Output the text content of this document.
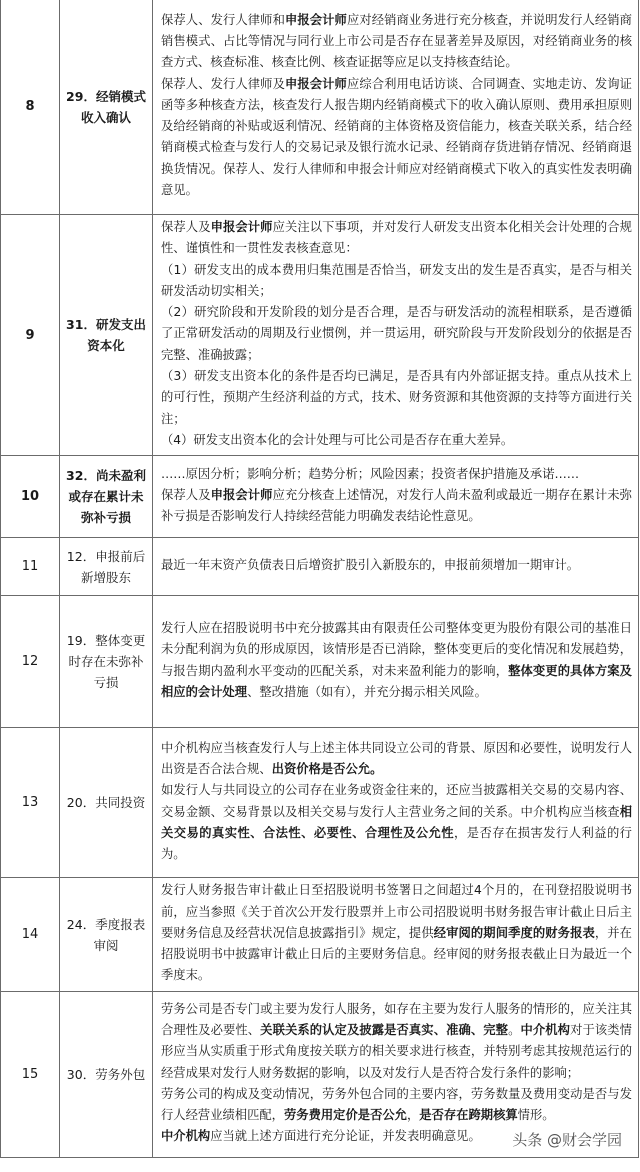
8	29．经销模式收入确认	保荐人、发行人律师和申报会计师应对经销商业务进行充分核查，并说明发行人经销商销售模式、占比等情况与同行业上市公司是否存在显著差异及原因，对经销商业务的核查方式、核查标准、核查比例、核查证据等应足以支持核查结论。
保荐人、发行人律师及申报会计师应综合利用电话访谈、合同调查、实地走访、发询证函等多种核查方法，核查发行人报告期内经销商模式下的收入确认原则、费用承担原则及给经销商的补贴或返利情况、经销商的主体资格及资信能力，核查关联关系，结合经销商模式检查与发行人的交易记录及银行流水记录、经销商存货进销存情况、经销商退换货情况。保荐人、发行人律师和申报会计师应对经销商模式下收入的真实性发表明确意见。

9	31．研发支出资本化	保荐人及申报会计师应关注以下事项，并对发行人研发支出资本化相关会计处理的合规性、谨慎性和一贯性发表核查意见：
（1）研发支出的成本费用归集范围是否恰当，研发支出的发生是否真实，是否与相关研发活动切实相关；
（2）研究阶段和开发阶段的划分是否合理，是否与研发活动的流程相联系，是否遵循了正常研发活动的周期及行业惯例，并一贯运用，研究阶段与开发阶段划分的依据是否完整、准确披露；
（3）研发支出资本化的条件是否均已满足，是否具有内外部证据支持。重点从技术上的可行性，预期产生经济利益的方式，技术、财务资源和其他资源的支持等方面进行关注；
（4）研发支出资本化的会计处理与可比公司是否存在重大差异。

10	32．尚未盈利或存在累计未弥补亏损	……原因分析；影响分析；趋势分析；风险因素；投资者保护措施及承诺……
保荐人及申报会计师应充分核查上述情况，对发行人尚未盈利或最近一期存在累计未弥补亏损是否影响发行人持续经营能力明确发表结论性意见。

11	12．申报前后新增股东	最近一年末资产负债表日后增资扩股引入新股东的，申报前须增加一期审计。

12	19．整体变更时存在未弥补亏损	发行人应在招股说明书中充分披露其由有限责任公司整体变更为股份有限公司的基准日未分配利润为负的形成原因，该情形是否已消除，整体变更后的变化情况和发展趋势，与报告期内盈利水平变动的匹配关系，对未来盈利能力的影响，整体变更的具体方案及相应的会计处理、整改措施（如有），并充分揭示相关风险。

13	20．共同投资	中介机构应当核查发行人与上述主体共同设立公司的背景、原因和必要性，说明发行人出资是否合法合规、出资价格是否公允。
如发行人与共同设立的公司存在业务或资金往来的，还应当披露相关交易的交易内容、交易金额、交易背景以及相关交易与发行人主营业务之间的关系。中介机构应当核查相关交易的真实性、合法性、必要性、合理性及公允性，是否存在损害发行人利益的行为。

14	24．季度报表审阅	发行人财务报告审计截止日至招股说明书签署日之间超过4个月的，在刊登招股说明书前，应当参照《关于首次公开发行股票并上市公司招股说明书财务报告审计截止日后主要财务信息及经营状况信息披露指引》规定，提供经审阅的期间季度的财务报表，并在招股说明书中披露审计截止日后的主要财务信息。经审阅的财务报表截止日为最近一个季度末。

15	30．劳务外包	劳务公司是否专门或主要为发行人服务，如存在主要为发行人服务的情形的，应关注其合理性及必要性、关联关系的认定及披露是否真实、准确、完整。中介机构对于该类情形应当从实质重于形式角度按关联方的相关要求进行核查，并特别考虑其按规范运行的经营成果对发行人财务数据的影响，以及对发行人是否符合发行条件的影响；
劳务公司的构成及变动情况，劳务外包合同的主要内容，劳务数量及费用变动是否与发行人经营业绩相匹配，劳务费用定价是否公允，是否存在跨期核算情形。
中介机构应当就上述方面进行充分论证，并发表明确意见。	头条 @财会学园
